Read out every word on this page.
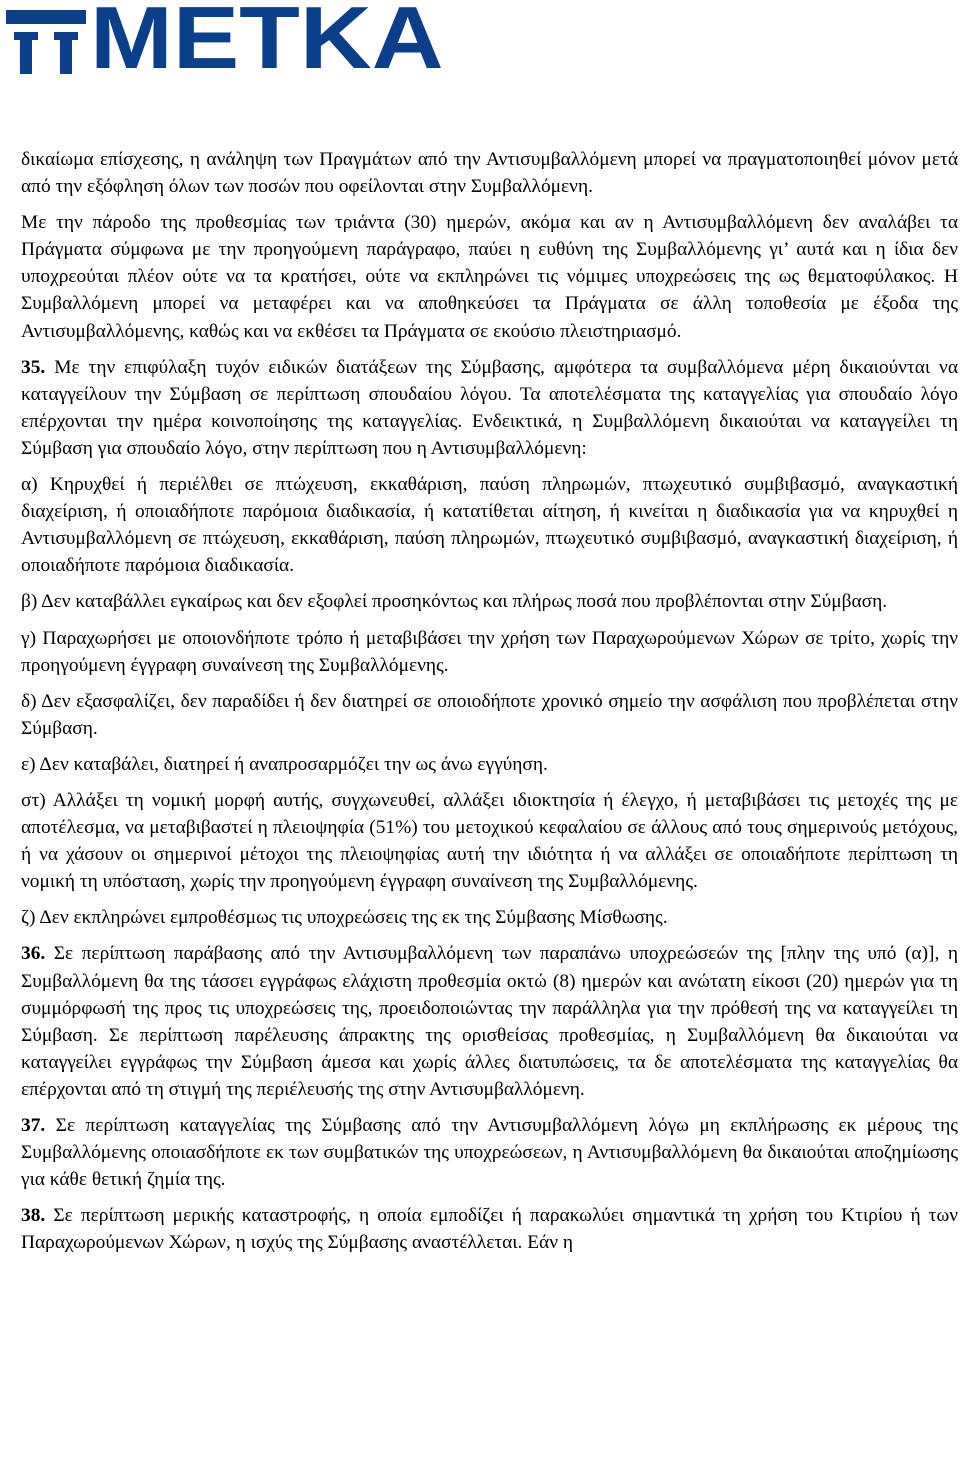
METKA

δικαίωμα επίσχεσης, η ανάληψη των Πραγμάτων από την Αντισυμβαλλόμενη μπορεί να πραγματοποιηθεί μόνον μετά από την εξόφληση όλων των ποσών που οφείλονται στην Συμβαλλόμενη.

Με την πάροδο της προθεσμίας των τριάντα (30) ημερών, ακόμα και αν η Αντισυμβαλλόμενη δεν αναλάβει τα Πράγματα σύμφωνα με την προηγούμενη παράγραφο, παύει η ευθύνη της Συμβαλλόμενης γι’ αυτά και η ίδια δεν υποχρεούται πλέον ούτε να τα κρατήσει, ούτε να εκπληρώνει τις νόμιμες υποχρεώσεις της ως θεματοφύλακος. Η Συμβαλλόμενη μπορεί να μεταφέρει και να αποθηκεύσει τα Πράγματα σε άλλη τοποθεσία με έξοδα της Αντισυμβαλλόμενης, καθώς και να εκθέσει τα Πράγματα σε εκούσιο πλειστηριασμό.

35. Με την επιφύλαξη τυχόν ειδικών διατάξεων της Σύμβασης, αμφότερα τα συμβαλλόμενα μέρη δικαιούνται να καταγγείλουν την Σύμβαση σε περίπτωση σπουδαίου λόγου. Τα αποτελέσματα της καταγγελίας για σπουδαίο λόγο επέρχονται την ημέρα κοινοποίησης της καταγγελίας. Ενδεικτικά, η Συμβαλλόμενη δικαιούται να καταγγείλει τη Σύμβαση για σπουδαίο λόγο, στην περίπτωση που η Αντισυμβαλλόμενη:

α) Κηρυχθεί ή περιέλθει σε πτώχευση, εκκαθάριση, παύση πληρωμών, πτωχευτικό συμβιβασμό, αναγκαστική διαχείριση, ή οποιαδήποτε παρόμοια διαδικασία, ή κατατίθεται αίτηση, ή κινείται η διαδικασία για να κηρυχθεί η Αντισυμβαλλόμενη σε πτώχευση, εκκαθάριση, παύση πληρωμών, πτωχευτικό συμβιβασμό, αναγκαστική διαχείριση, ή οποιαδήποτε παρόμοια διαδικασία.

β) Δεν καταβάλλει εγκαίρως και δεν εξοφλεί προσηκόντως και πλήρως ποσά που προβλέπονται στην Σύμβαση.

γ) Παραχωρήσει με οποιονδήποτε τρόπο ή μεταβιβάσει την χρήση των Παραχωρούμενων Χώρων σε τρίτο, χωρίς την προηγούμενη έγγραφη συναίνεση της Συμβαλλόμενης.

δ) Δεν εξασφαλίζει, δεν παραδίδει ή δεν διατηρεί σε οποιοδήποτε χρονικό σημείο την ασφάλιση που προβλέπεται στην Σύμβαση.

ε) Δεν καταβάλει, διατηρεί ή αναπροσαρμόζει την ως άνω εγγύηση.

στ) Αλλάξει τη νομική μορφή αυτής, συγχωνευθεί, αλλάξει ιδιοκτησία ή έλεγχο, ή μεταβιβάσει τις μετοχές της με αποτέλεσμα, να μεταβιβαστεί η πλειοψηφία (51%) του μετοχικού κεφαλαίου σε άλλους από τους σημερινούς μετόχους, ή να χάσουν οι σημερινοί μέτοχοι της πλειοψηφίας αυτή την ιδιότητα ή να αλλάξει σε οποιαδήποτε περίπτωση τη νομική τη υπόσταση, χωρίς την προηγούμενη έγγραφη συναίνεση της Συμβαλλόμενης.

ζ) Δεν εκπληρώνει εμπροθέσμως τις υποχρεώσεις της εκ της Σύμβασης Μίσθωσης.

36. Σε περίπτωση παράβασης από την Αντισυμβαλλόμενη των παραπάνω υποχρεώσεών της [πλην της υπό (α)], η Συμβαλλόμενη θα της τάσσει εγγράφως ελάχιστη προθεσμία οκτώ (8) ημερών και ανώτατη είκοσι (20) ημερών για τη συμμόρφωσή της προς τις υποχρεώσεις της, προειδοποιώντας την παράλληλα για την πρόθεσή της να καταγγείλει τη Σύμβαση. Σε περίπτωση παρέλευσης άπρακτης της ορισθείσας προθεσμίας, η Συμβαλλόμενη θα δικαιούται να καταγγείλει εγγράφως την Σύμβαση άμεσα και χωρίς άλλες διατυπώσεις, τα δε αποτελέσματα της καταγγελίας θα επέρχονται από τη στιγμή της περιέλευσής της στην Αντισυμβαλλόμενη.

37. Σε περίπτωση καταγγελίας της Σύμβασης από την Αντισυμβαλλόμενη λόγω μη εκπλήρωσης εκ μέρους της Συμβαλλόμενης οποιασδήποτε εκ των συμβατικών της υποχρεώσεων, η Αντισυμβαλλόμενη θα δικαιούται αποζημίωσης για κάθε θετική ζημία της.

38. Σε περίπτωση μερικής καταστροφής, η οποία εμποδίζει ή παρακωλύει σημαντικά τη χρήση του Κτιρίου ή των Παραχωρούμενων Χώρων, η ισχύς της Σύμβασης αναστέλλεται. Εάν η
